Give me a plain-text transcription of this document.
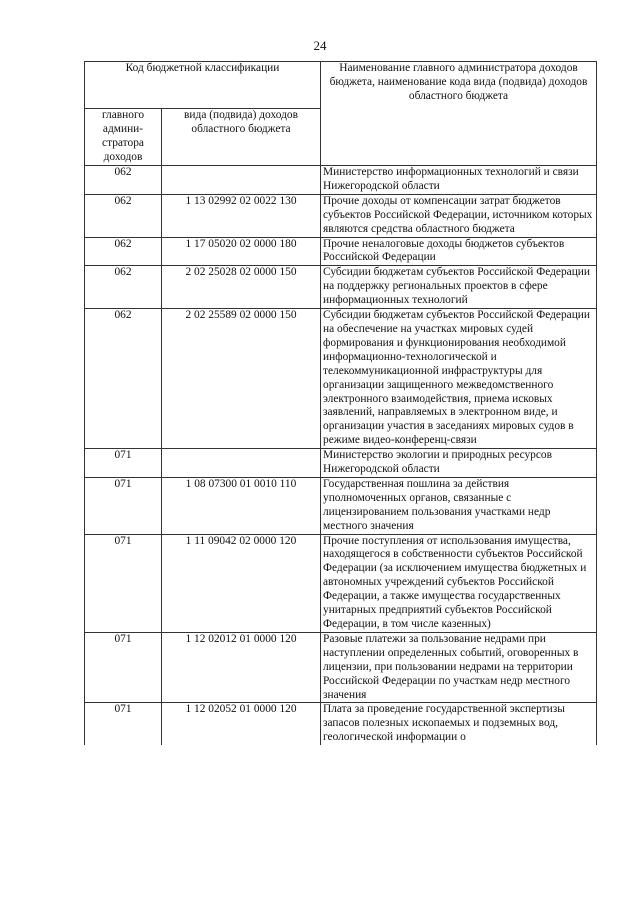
24
Код бюджетной классификации		Наименование главного администратора доходов бюджета, наименование кода вида (подвида) доходов областного бюджета
главного админи-стратора доходов	вида (подвида) доходов областного бюджета	
062		Министерство информационных технологий и связи Нижегородской области
062	1 13 02992 02 0022 130	Прочие доходы от компенсации затрат бюджетов субъектов Российской Федерации, источником которых являются средства областного бюджета
062	1 17 05020 02 0000 180	Прочие неналоговые доходы бюджетов субъектов Российской Федерации
062	2 02 25028 02 0000 150	Субсидии бюджетам субъектов Российской Федерации на поддержку региональных проектов в сфере информационных технологий
062	2 02 25589 02 0000 150	Субсидии бюджетам субъектов Российской Федерации на обеспечение на участках мировых судей формирования и функционирования необходимой информационно-технологической и телекоммуникационной инфраструктуры для организации защищенного межведомственного электронного взаимодействия, приема исковых заявлений, направляемых в электронном виде, и организации участия в заседаниях мировых судов в режиме видео-конференц-связи
071		Министерство экологии и природных ресурсов Нижегородской области
071	1 08 07300 01 0010 110	Государственная пошлина за действия уполномоченных органов, связанные с лицензированием пользования участками недр местного значения
071	1 11 09042 02 0000 120	Прочие поступления от использования имущества, находящегося в собственности субъектов Российской Федерации (за исключением имущества бюджетных и автономных учреждений субъектов Российской Федерации, а также имущества государственных унитарных предприятий субъектов Российской Федерации, в том числе казенных)
071	1 12 02012 01 0000 120	Разовые платежи за пользование недрами при наступлении определенных событий, оговоренных в лицензии, при пользовании недрами на территории Российской Федерации по участкам недр местного значения
071	1 12 02052 01 0000 120	Плата за проведение государственной экспертизы запасов полезных ископаемых и подземных вод, геологической информации о
